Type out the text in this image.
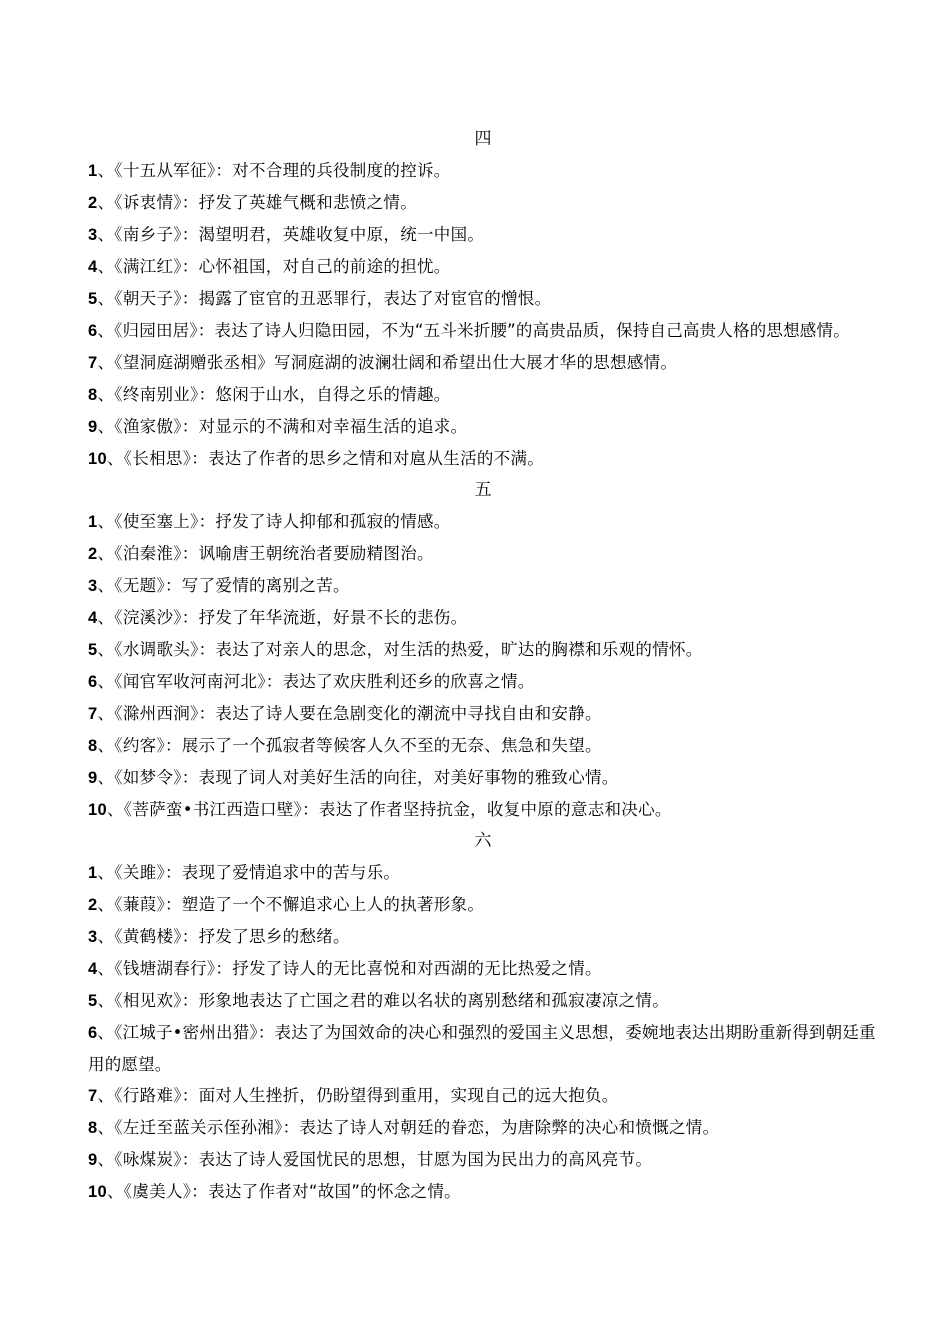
四
1、《十五从军征》：对不合理的兵役制度的控诉。
2、《诉衷情》：抒发了英雄气概和悲愤之情。
3、《南乡子》：渴望明君，英雄收复中原，统一中国。
4、《满江红》：心怀祖国，对自己的前途的担忧。
5、《朝天子》：揭露了宦官的丑恶罪行，表达了对宦官的憎恨。
6、《归园田居》：表达了诗人归隐田园，不为“五斗米折腰”的高贵品质，保持自己高贵人格的思想感情。
7、《望洞庭湖赠张丞相》写洞庭湖的波澜壮阔和希望出仕大展才华的思想感情。
8、《终南别业》：悠闲于山水，自得之乐的情趣。
9、《渔家傲》：对显示的不满和对幸福生活的追求。
10、《长相思》：表达了作者的思乡之情和对扈从生活的不满。
五
1、《使至塞上》：抒发了诗人抑郁和孤寂的情感。
2、《泊秦淮》：讽喻唐王朝统治者要励精图治。
3、《无题》：写了爱情的离别之苦。
4、《浣溪沙》：抒发了年华流逝，好景不长的悲伤。
5、《水调歌头》：表达了对亲人的思念，对生活的热爱，旷达的胸襟和乐观的情怀。
6、《闻官军收河南河北》：表达了欢庆胜利还乡的欣喜之情。
7、《滁州西涧》：表达了诗人要在急剧变化的潮流中寻找自由和安静。
8、《约客》：展示了一个孤寂者等候客人久不至的无奈、焦急和失望。
9、《如梦令》：表现了词人对美好生活的向往，对美好事物的雅致心情。
10、《菩萨蛮•书江西造口壁》：表达了作者坚持抗金，收复中原的意志和决心。
六
1、《关雎》：表现了爱情追求中的苦与乐。
2、《蒹葭》：塑造了一个不懈追求心上人的执著形象。
3、《黄鹤楼》：抒发了思乡的愁绪。
4、《钱塘湖春行》：抒发了诗人的无比喜悦和对西湖的无比热爱之情。
5、《相见欢》：形象地表达了亡国之君的难以名状的离别愁绪和孤寂凄凉之情。
6、《江城子•密州出猎》：表达了为国效命的决心和强烈的爱国主义思想，委婉地表达出期盼重新得到朝廷重用的愿望。
7、《行路难》：面对人生挫折，仍盼望得到重用，实现自己的远大抱负。
8、《左迁至蓝关示侄孙湘》：表达了诗人对朝廷的眷恋，为唐除弊的决心和愤慨之情。
9、《咏煤炭》：表达了诗人爱国忧民的思想，甘愿为国为民出力的高风亮节。
10、《虞美人》：表达了作者对“故国”的怀念之情。
